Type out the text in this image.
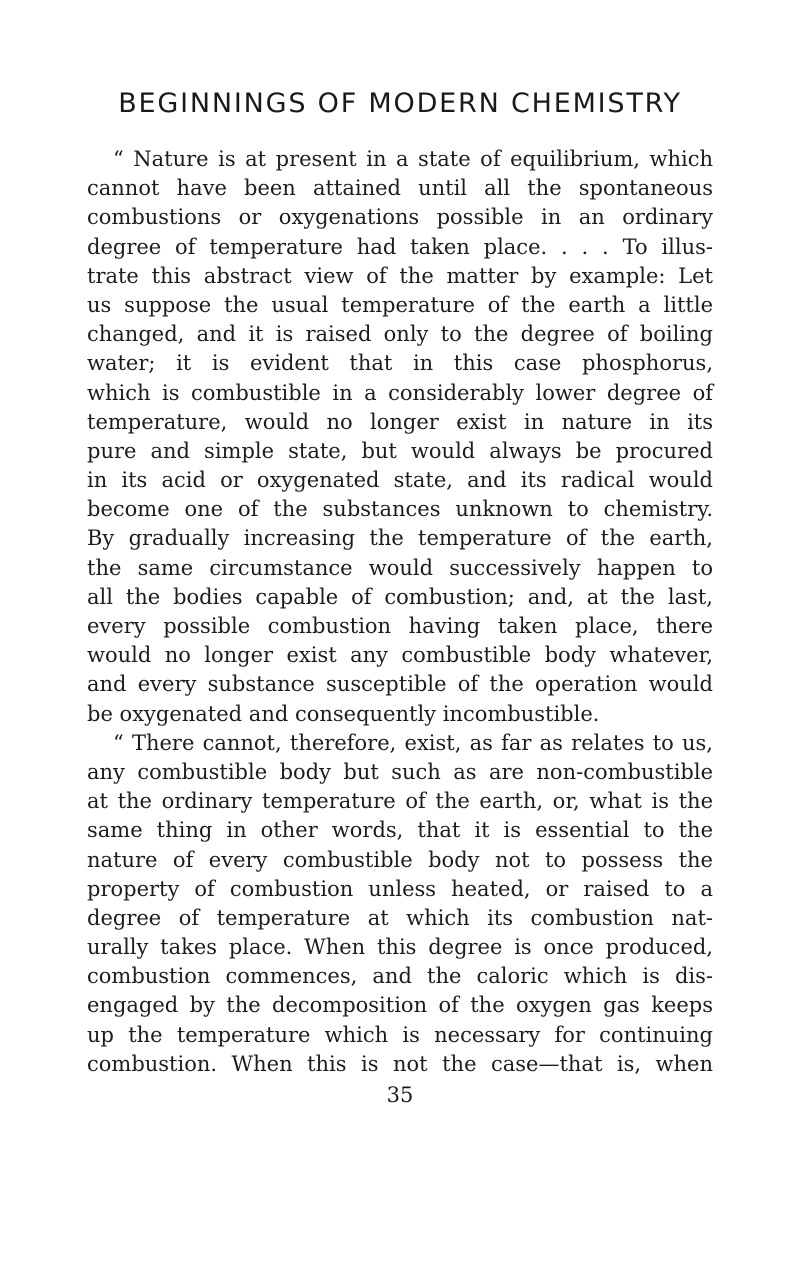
BEGINNINGS OF MODERN CHEMISTRY
“ Nature is at present in a state of equilibrium, which
cannot have been attained until all the spontaneous
combustions or oxygenations possible in an ordinary
degree of temperature had taken place. . . . To illus-
trate this abstract view of the matter by example: Let
us suppose the usual temperature of the earth a little
changed, and it is raised only to the degree of boiling
water; it is evident that in this case phosphorus,
which is combustible in a considerably lower degree of
temperature, would no longer exist in nature in its
pure and simple state, but would always be procured
in its acid or oxygenated state, and its radical would
become one of the substances unknown to chemistry.
By gradually increasing the temperature of the earth,
the same circumstance would successively happen to
all the bodies capable of combustion; and, at the last,
every possible combustion having taken place, there
would no longer exist any combustible body whatever,
and every substance susceptible of the operation would
be oxygenated and consequently incombustible.
“ There cannot, therefore, exist, as far as relates to us,
any combustible body but such as are non-combustible
at the ordinary temperature of the earth, or, what is the
same thing in other words, that it is essential to the
nature of every combustible body not to possess the
property of combustion unless heated, or raised to a
degree of temperature at which its combustion nat-
urally takes place. When this degree is once produced,
combustion commences, and the caloric which is dis-
engaged by the decomposition of the oxygen gas keeps
up the temperature which is necessary for continuing
combustion. When this is not the case—that is, when
35
